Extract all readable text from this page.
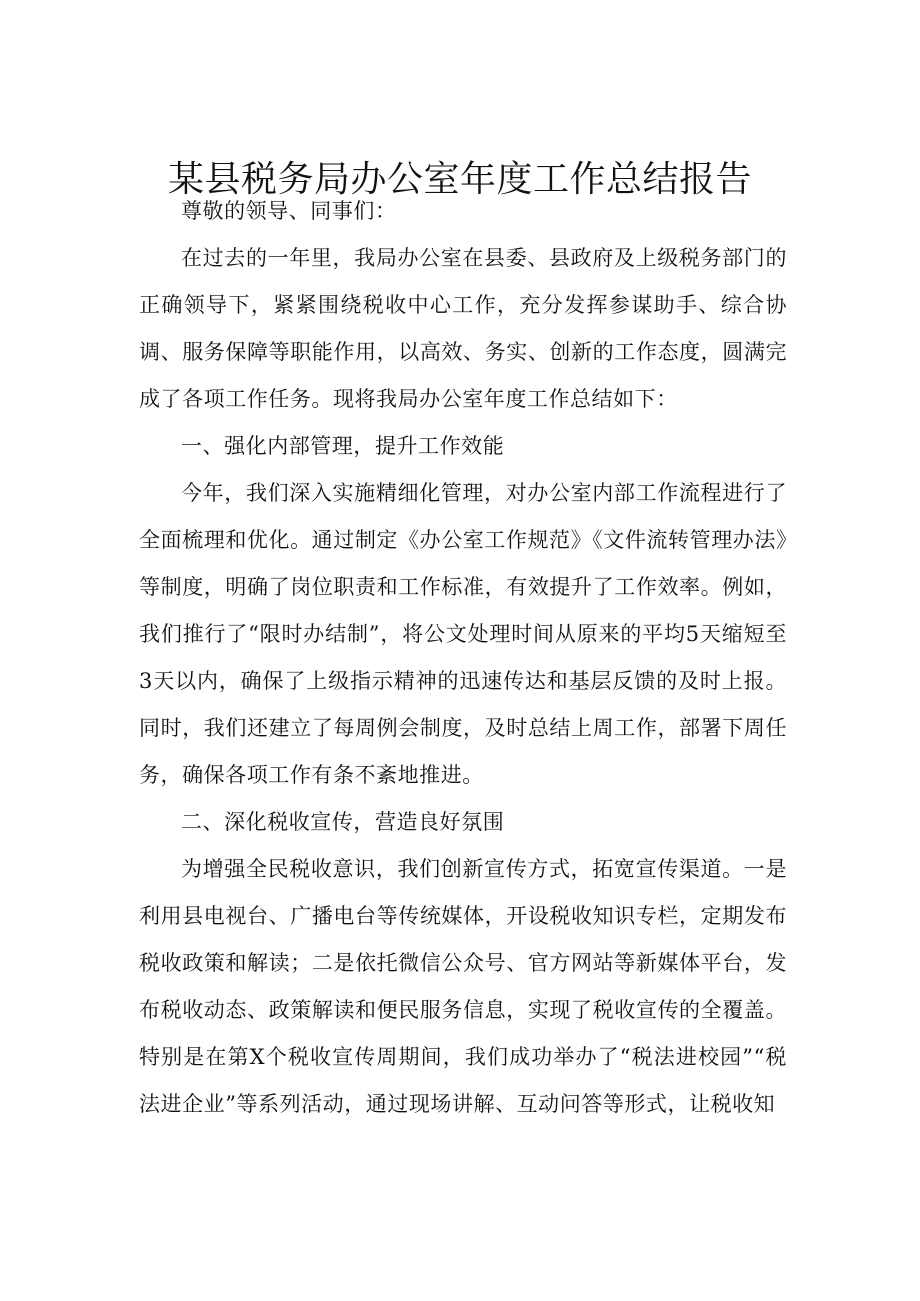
某县税务局办公室年度工作总结报告

尊敬的领导、同事们：

在过去的一年里，我局办公室在县委、县政府及上级税务部门的正确领导下，紧紧围绕税收中心工作，充分发挥参谋助手、综合协调、服务保障等职能作用，以高效、务实、创新的工作态度，圆满完成了各项工作任务。现将我局办公室年度工作总结如下：

一、强化内部管理，提升工作效能

今年，我们深入实施精细化管理，对办公室内部工作流程进行了全面梳理和优化。通过制定《办公室工作规范》《文件流转管理办法》等制度，明确了岗位职责和工作标准，有效提升了工作效率。例如，我们推行了“限时办结制”，将公文处理时间从原来的平均5天缩短至3天以内，确保了上级指示精神的迅速传达和基层反馈的及时上报。同时，我们还建立了每周例会制度，及时总结上周工作，部署下周任务，确保各项工作有条不紊地推进。

二、深化税收宣传，营造良好氛围

为增强全民税收意识，我们创新宣传方式，拓宽宣传渠道。一是利用县电视台、广播电台等传统媒体，开设税收知识专栏，定期发布税收政策和解读；二是依托微信公众号、官方网站等新媒体平台，发布税收动态、政策解读和便民服务信息，实现了税收宣传的全覆盖。特别是在第X个税收宣传周期间，我们成功举办了“税法进校园”“税法进企业”等系列活动，通过现场讲解、互动问答等形式，让税收知
